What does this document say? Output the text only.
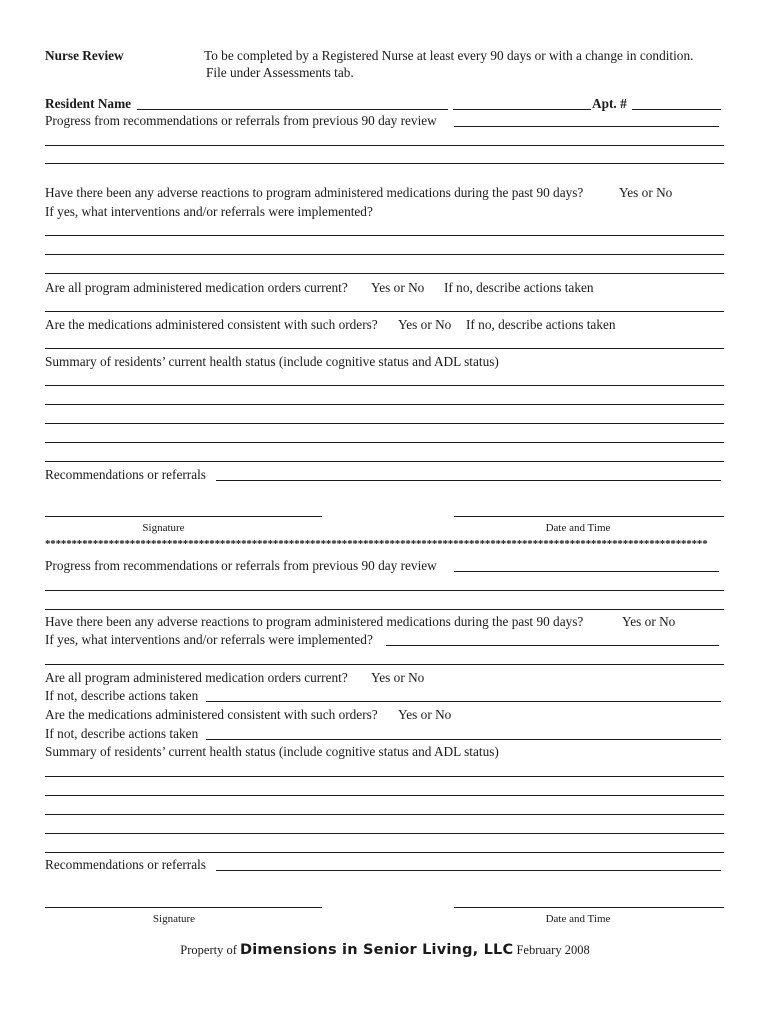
Nurse Review	To be completed by a Registered Nurse at least every 90 days or with a change in condition.
File under Assessments tab.
Resident Name	Apt. #
Progress from recommendations or referrals from previous 90 day review
Have there been any adverse reactions to program administered medications during the past 90 days?	Yes or No
If yes, what interventions and/or referrals were implemented?
Are all program administered medication orders current? Yes or No If no, describe actions taken
Are the medications administered consistent with such orders? Yes or No If no, describe actions taken
Summary of residents’ current health status (include cognitive status and ADL status)
Recommendations or referrals
Signature	Date and Time
*****************************************************************************************************************************
Progress from recommendations or referrals from previous 90 day review
Have there been any adverse reactions to program administered medications during the past 90 days?	Yes or No
If yes, what interventions and/or referrals were implemented?
Are all program administered medication orders current? Yes or No
If not, describe actions taken
Are the medications administered consistent with such orders? Yes or No
If not, describe actions taken
Summary of residents’ current health status (include cognitive status and ADL status)
Recommendations or referrals
Signature	Date and Time
Property of Dimensions in Senior Living, LLC February 2008
